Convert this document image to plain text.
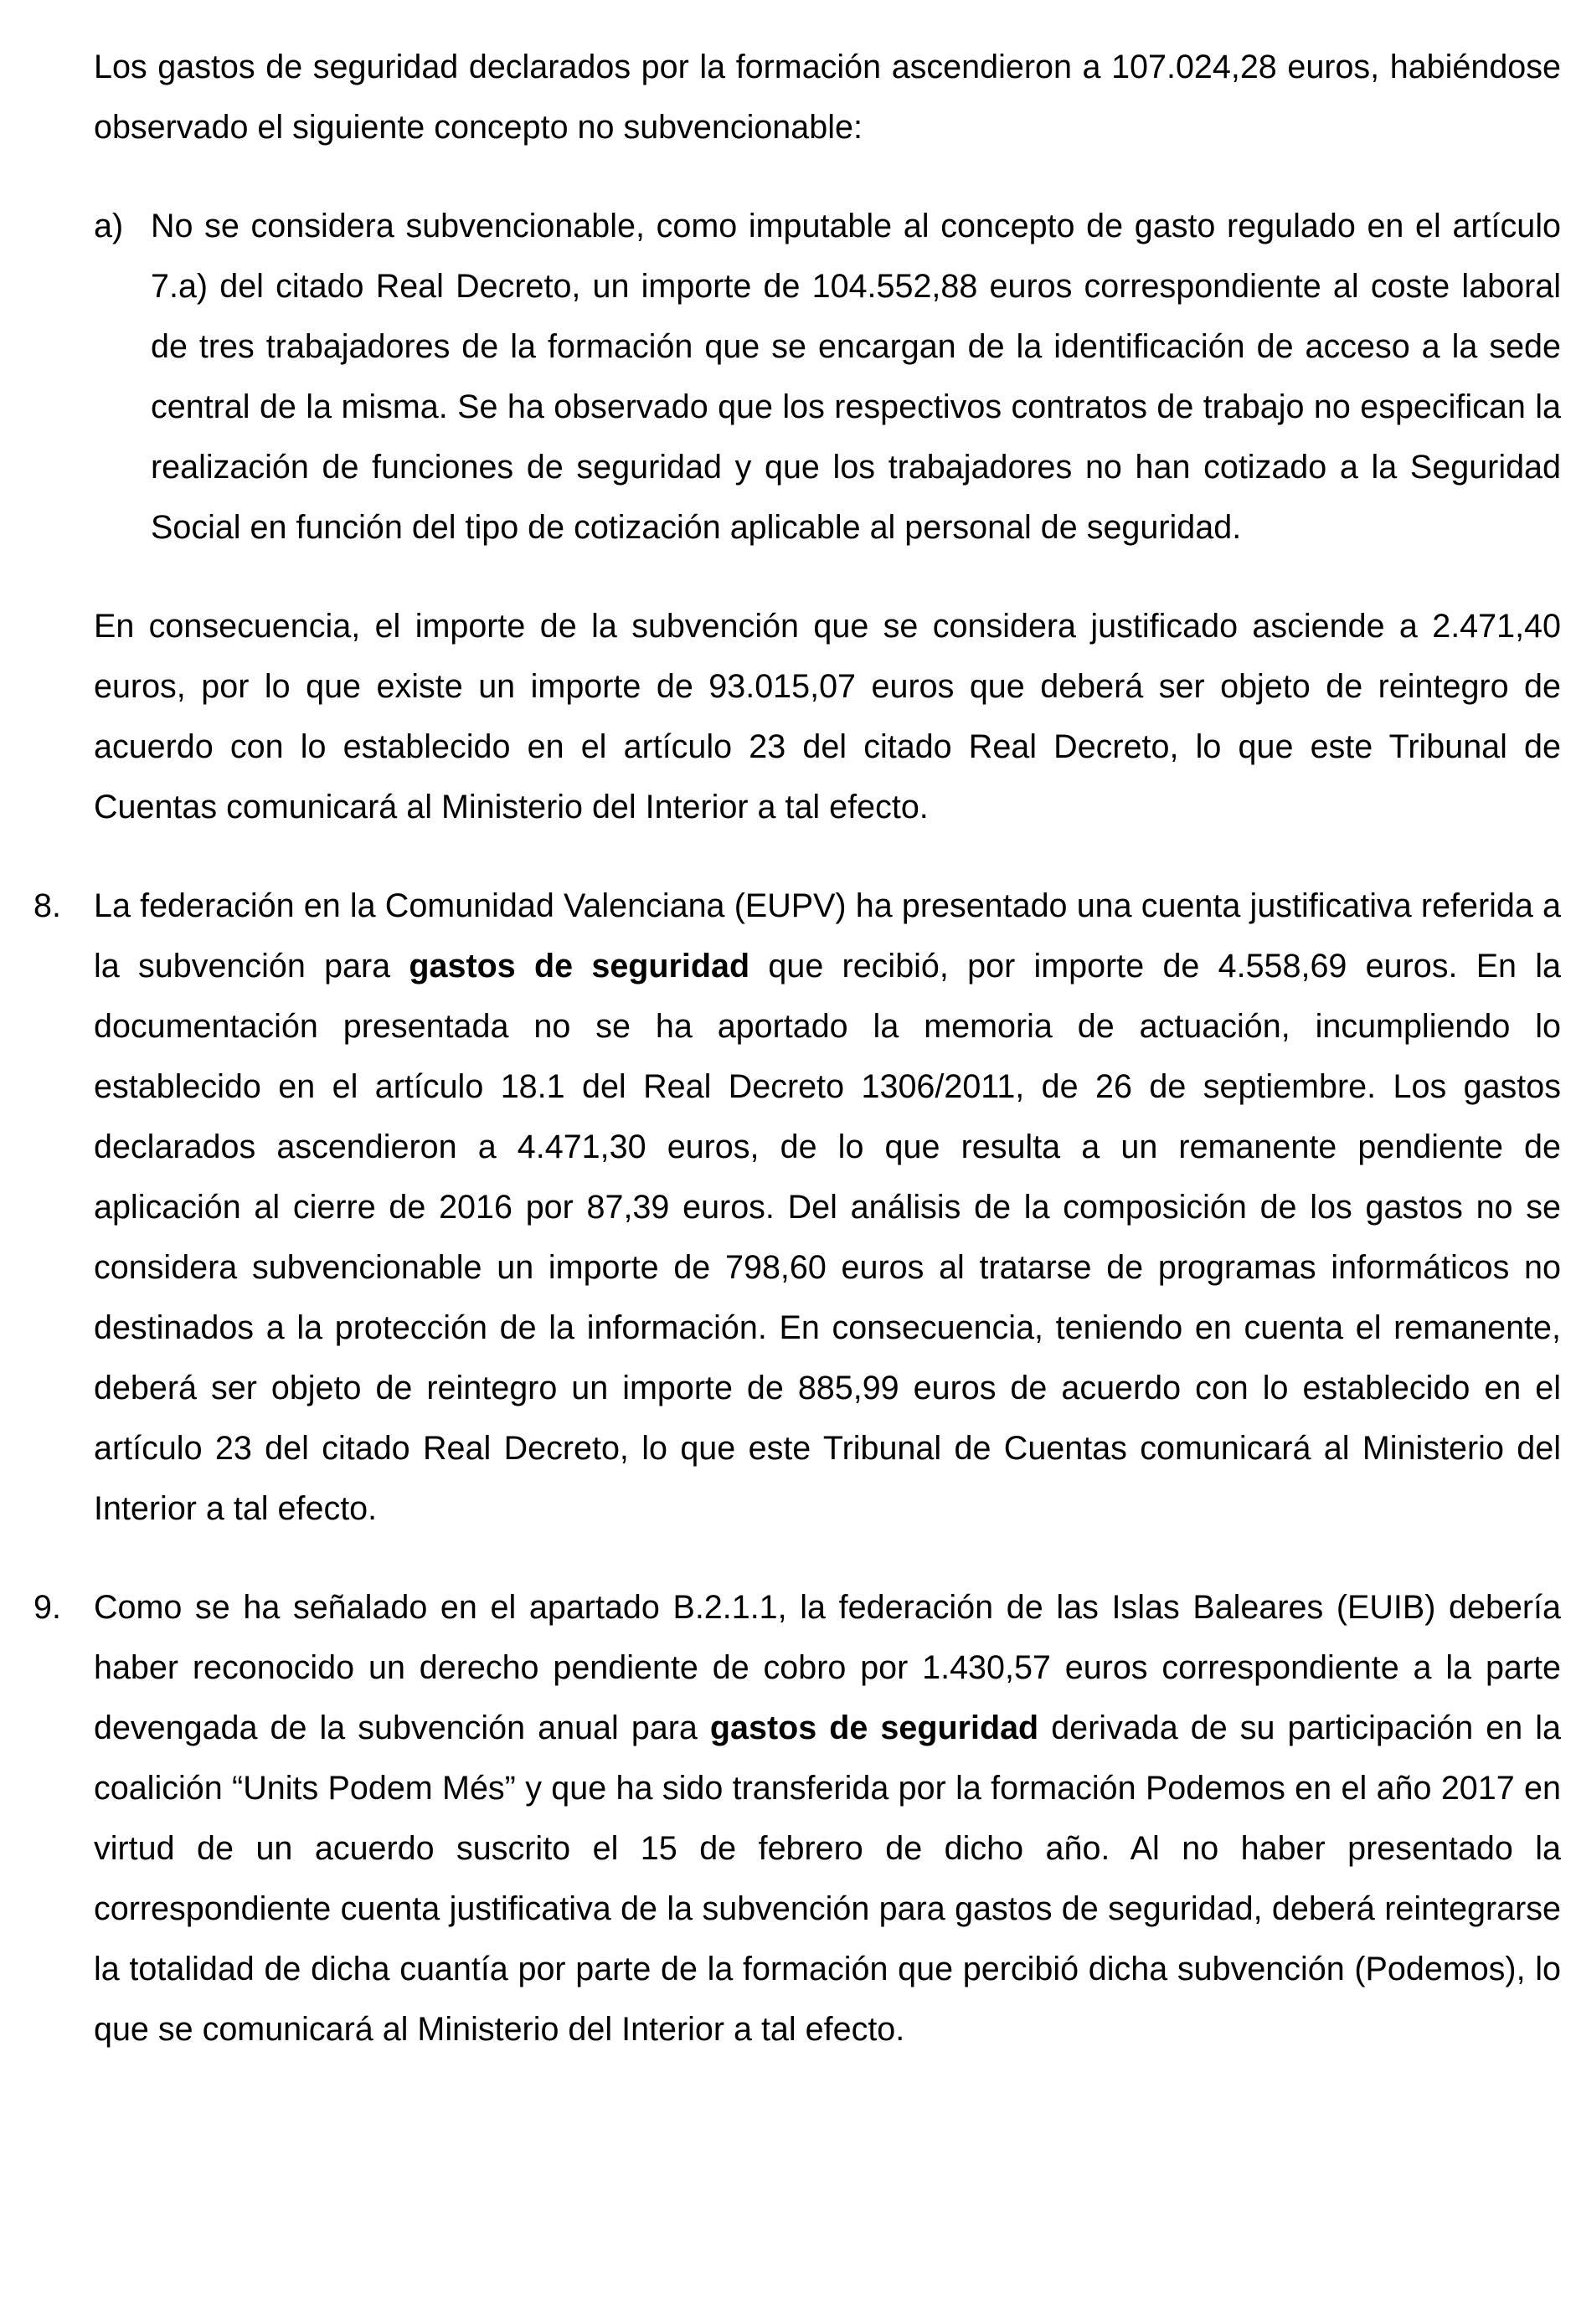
Los gastos de seguridad declarados por la formación ascendieron a 107.024,28 euros, habiéndose observado el siguiente concepto no subvencionable:

a) No se considera subvencionable, como imputable al concepto de gasto regulado en el artículo 7.a) del citado Real Decreto, un importe de 104.552,88 euros correspondiente al coste laboral de tres trabajadores de la formación que se encargan de la identificación de acceso a la sede central de la misma. Se ha observado que los respectivos contratos de trabajo no especifican la realización de funciones de seguridad y que los trabajadores no han cotizado a la Seguridad Social en función del tipo de cotización aplicable al personal de seguridad.

En consecuencia, el importe de la subvención que se considera justificado asciende a 2.471,40 euros, por lo que existe un importe de 93.015,07 euros que deberá ser objeto de reintegro de acuerdo con lo establecido en el artículo 23 del citado Real Decreto, lo que este Tribunal de Cuentas comunicará al Ministerio del Interior a tal efecto.

8. La federación en la Comunidad Valenciana (EUPV) ha presentado una cuenta justificativa referida a la subvención para gastos de seguridad que recibió, por importe de 4.558,69 euros. En la documentación presentada no se ha aportado la memoria de actuación, incumpliendo lo establecido en el artículo 18.1 del Real Decreto 1306/2011, de 26 de septiembre. Los gastos declarados ascendieron a 4.471,30 euros, de lo que resulta a un remanente pendiente de aplicación al cierre de 2016 por 87,39 euros. Del análisis de la composición de los gastos no se considera subvencionable un importe de 798,60 euros al tratarse de programas informáticos no destinados a la protección de la información. En consecuencia, teniendo en cuenta el remanente, deberá ser objeto de reintegro un importe de 885,99 euros de acuerdo con lo establecido en el artículo 23 del citado Real Decreto, lo que este Tribunal de Cuentas comunicará al Ministerio del Interior a tal efecto.
9. Como se ha señalado en el apartado B.2.1.1, la federación de las Islas Baleares (EUIB) debería haber reconocido un derecho pendiente de cobro por 1.430,57 euros correspondiente a la parte devengada de la subvención anual para gastos de seguridad derivada de su participación en la coalición “Units Podem Més” y que ha sido transferida por la formación Podemos en el año 2017 en virtud de un acuerdo suscrito el 15 de febrero de dicho año. Al no haber presentado la correspondiente cuenta justificativa de la subvención para gastos de seguridad, deberá reintegrarse la totalidad de dicha cuantía por parte de la formación que percibió dicha subvención (Podemos), lo que se comunicará al Ministerio del Interior a tal efecto.
